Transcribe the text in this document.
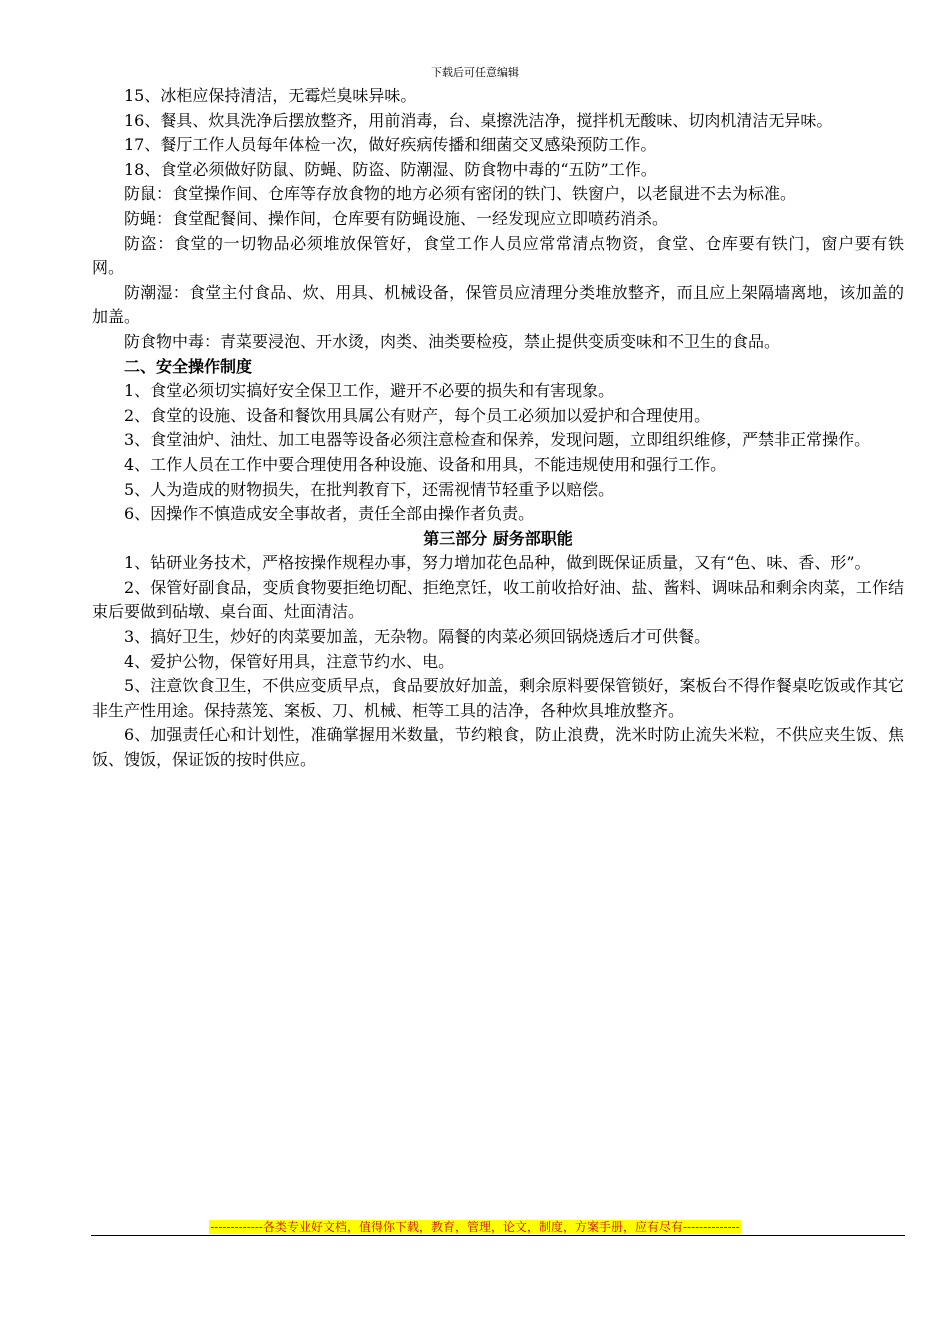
下载后可任意编辑

15、冰柜应保持清洁，无霉烂臭味异味。

16、餐具、炊具洗净后摆放整齐，用前消毒，台、桌擦洗洁净，搅拌机无酸味、切肉机清洁无异味。

17、餐厅工作人员每年体检一次，做好疾病传播和细菌交叉感染预防工作。

18、食堂必须做好防鼠、防蝇、防盗、防潮湿、防食物中毒的“五防”工作。

防鼠：食堂操作间、仓库等存放食物的地方必须有密闭的铁门、铁窗户，以老鼠进不去为标准。

防蝇：食堂配餐间、操作间，仓库要有防蝇设施、一经发现应立即喷药消杀。

防盗：食堂的一切物品必须堆放保管好，食堂工作人员应常常清点物资，食堂、仓库要有铁门，窗户要有铁网。

防潮湿：食堂主付食品、炊、用具、机械设备，保管员应清理分类堆放整齐，而且应上架隔墙离地，该加盖的加盖。

防食物中毒：青菜要浸泡、开水烫，肉类、油类要检疫，禁止提供变质变味和不卫生的食品。

二、安全操作制度

1、食堂必须切实搞好安全保卫工作，避开不必要的损失和有害现象。

2、食堂的设施、设备和餐饮用具属公有财产，每个员工必须加以爱护和合理使用。

3、食堂油炉、油灶、加工电器等设备必须注意检查和保养，发现问题，立即组织维修，严禁非正常操作。

4、工作人员在工作中要合理使用各种设施、设备和用具，不能违规使用和强行工作。

5、人为造成的财物损失，在批判教育下，还需视情节轻重予以赔偿。

6、因操作不慎造成安全事故者，责任全部由操作者负责。

第三部分 厨务部职能

1、钻研业务技术，严格按操作规程办事，努力增加花色品种，做到既保证质量，又有“色、味、香、形”。

2、保管好副食品，变质食物要拒绝切配、拒绝烹饪，收工前收拾好油、盐、酱料、调味品和剩余肉菜，工作结束后要做到砧墩、桌台面、灶面清洁。

3、搞好卫生，炒好的肉菜要加盖，无杂物。隔餐的肉菜必须回锅烧透后才可供餐。

4、爱护公物，保管好用具，注意节约水、电。

5、注意饮食卫生，不供应变质早点，食品要放好加盖，剩余原料要保管锁好，案板台不得作餐桌吃饭或作其它非生产性用途。保持蒸笼、案板、刀、机械、柜等工具的洁净，各种炊具堆放整齐。

6、加强责任心和计划性，准确掌握用米数量，节约粮食，防止浪费，洗米时防止流失米粒，不供应夹生饭、焦饭、馊饭，保证饭的按时供应。

-------------各类专业好文档，值得你下载，教育，管理，论文，制度，方案手册，应有尽有--------------
